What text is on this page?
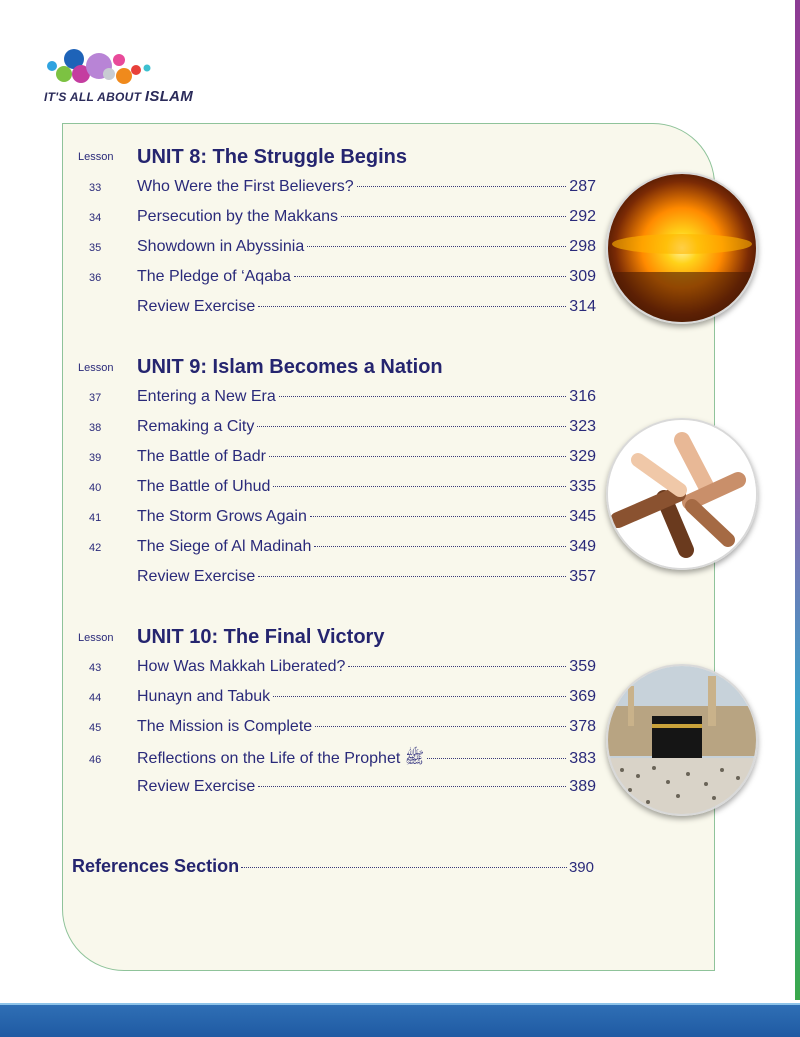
IT'S ALL ABOUT ISLAM
Lesson UNIT 8: The Struggle Begins
33	Who Were the First Believers?	287
34	Persecution by the Makkans	292
35	Showdown in Abyssinia	298
36	The Pledge of ‘Aqaba	309
Review Exercise	314
Lesson UNIT 9: Islam Becomes a Nation
37	Entering a New Era	316
38	Remaking a City	323
39	The Battle of Badr	329
40	The Battle of Uhud	335
41	The Storm Grows Again	345
42	The Siege of Al Madinah	349
Review Exercise	357
Lesson UNIT 10: The Final Victory
43	How Was Makkah Liberated?	359
44	Hunayn and Tabuk	369
45	The Mission is Complete	378
46	Reflections on the Life of the Prophet ﷺ	383
Review Exercise	389
References Section	390
